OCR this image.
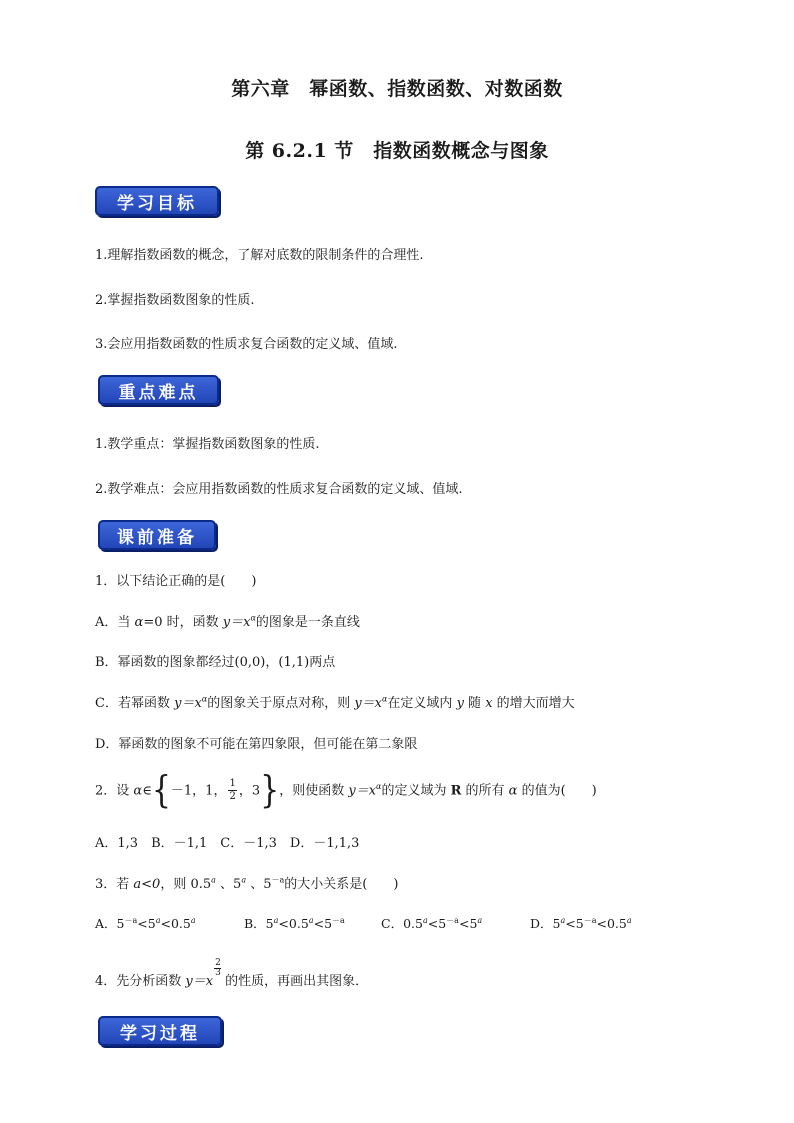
第六章　幂函数、指数函数、对数函数
第 6.2.1 节　指数函数概念与图象
学习目标
1.理解指数函数的概念，了解对底数的限制条件的合理性.
2.掌握指数函数图象的性质.
3.会应用指数函数的性质求复合函数的定义域、值域.
重点难点
1.教学重点：掌握指数函数图象的性质.
2.教学难点：会应用指数函数的性质求复合函数的定义域、值域.
课前准备
1．以下结论正确的是(　　)
A．当 α=0 时，函数 $y=x^\alpha$的图象是一条直线
B．幂函数的图象都经过(0,0)，(1,1)两点
C．若幂函数 $y=x^\alpha$的图象关于原点对称，则 $y=x^\alpha$在定义域内 y 随 x 的增大而增大
D．幂函数的图象不可能在第四象限，但可能在第二象限
2．设 α∈{－1，1， $\frac{1}{2}$ ，3}，则使函数 $y=x^\alpha$的定义域为 R 的所有 α 的值为(　　)
A．1,3　B．－1,1　C．－1,3　D．－1,1,3
3．若 a<0，则 0.5$^a$ 、5$^a$ 、$5^{-a}$的大小关系是(　　)
A．$5^{-a}<5^a<0.5^a$	B．$5^a<0.5^a<5^{-a}$	C．$0.5^a<5^{-a}<5^a$	D．$5^a<5^{-a}<0.5^a$
4．先分析函数 $y=x \frac{2}{3}$ 的性质，再画出其图象．
学习过程
